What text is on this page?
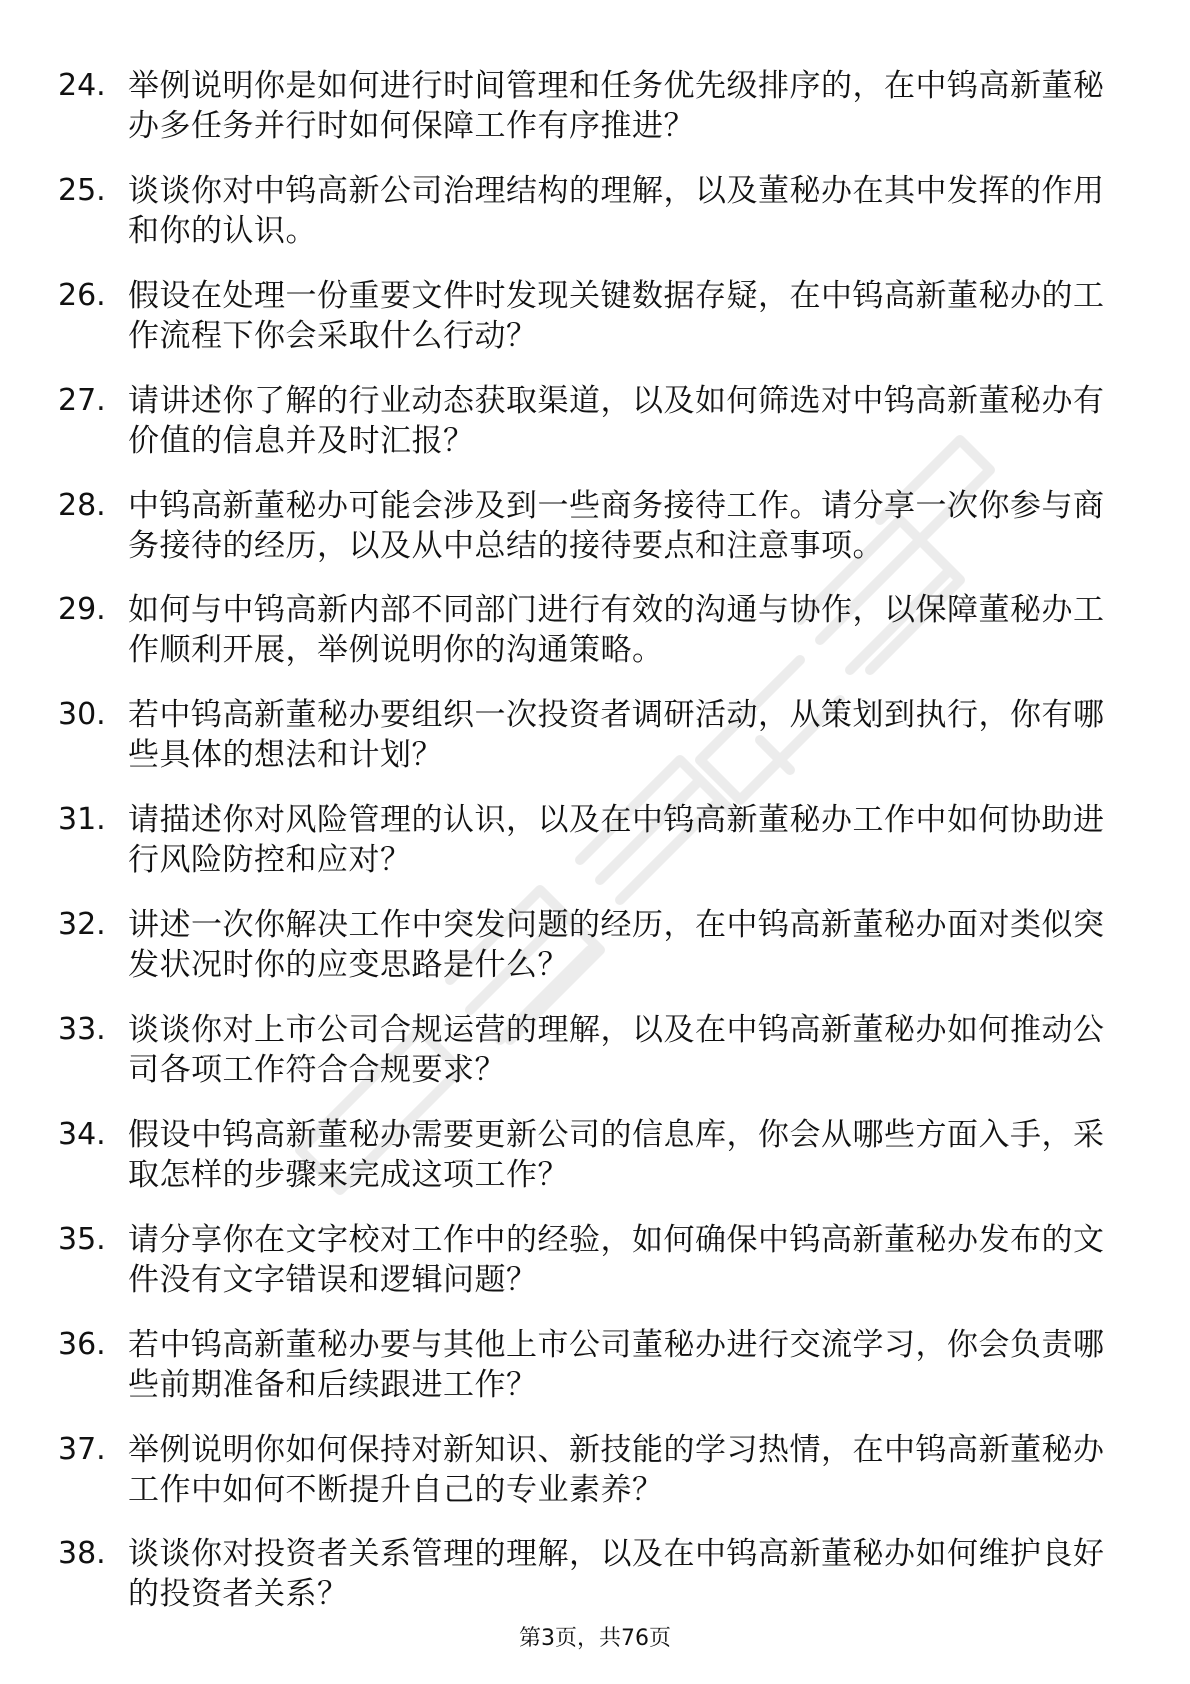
24. 举例说明你是如何进行时间管理和任务优先级排序的，在中钨高新董秘办多任务并行时如何保障工作有序推进？
25. 谈谈你对中钨高新公司治理结构的理解，以及董秘办在其中发挥的作用和你的认识。
26. 假设在处理一份重要文件时发现关键数据存疑，在中钨高新董秘办的工作流程下你会采取什么行动？
27. 请讲述你了解的行业动态获取渠道，以及如何筛选对中钨高新董秘办有价值的信息并及时汇报？
28. 中钨高新董秘办可能会涉及到一些商务接待工作。请分享一次你参与商务接待的经历，以及从中总结的接待要点和注意事项。
29. 如何与中钨高新内部不同部门进行有效的沟通与协作，以保障董秘办工作顺利开展，举例说明你的沟通策略。
30. 若中钨高新董秘办要组织一次投资者调研活动，从策划到执行，你有哪些具体的想法和计划？
31. 请描述你对风险管理的认识，以及在中钨高新董秘办工作中如何协助进行风险防控和应对？
32. 讲述一次你解决工作中突发问题的经历，在中钨高新董秘办面对类似突发状况时你的应变思路是什么？
33. 谈谈你对上市公司合规运营的理解，以及在中钨高新董秘办如何推动公司各项工作符合合规要求？
34. 假设中钨高新董秘办需要更新公司的信息库，你会从哪些方面入手，采取怎样的步骤来完成这项工作？
35. 请分享你在文字校对工作中的经验，如何确保中钨高新董秘办发布的文件没有文字错误和逻辑问题？
36. 若中钨高新董秘办要与其他上市公司董秘办进行交流学习，你会负责哪些前期准备和后续跟进工作？
37. 举例说明你如何保持对新知识、新技能的学习热情，在中钨高新董秘办工作中如何不断提升自己的专业素养？
38. 谈谈你对投资者关系管理的理解，以及在中钨高新董秘办如何维护良好的投资者关系？
第3页，共76页
